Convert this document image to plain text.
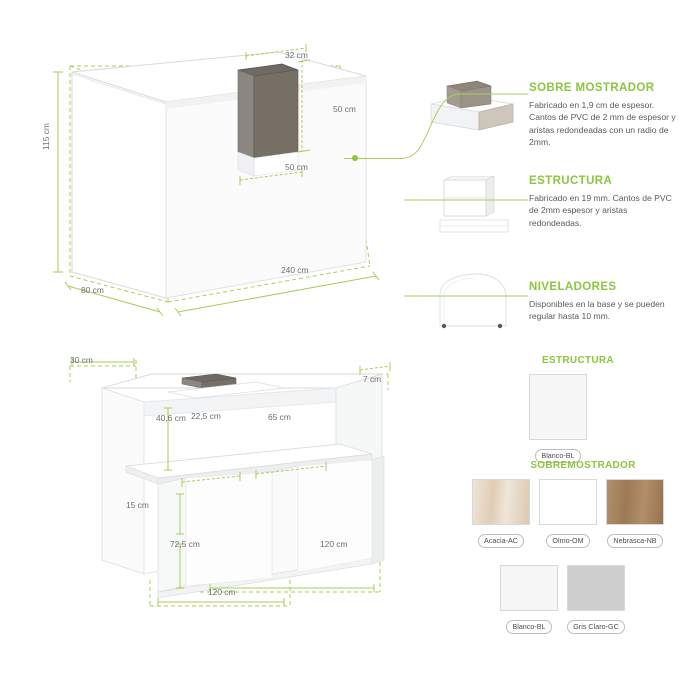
115 cm
80 cm
240 cm
32 cm
50 cm
50 cm
SOBRE MOSTRADOR
Fabricado en 1,9 cm de espesor. Cantos de PVC de 2 mm de espesor y aristas redondeadas con un radio de 2mm.
ESTRUCTURA
Fabricado en 19 mm. Cantos de PVC de 2mm espesor y aristas redondeadas.
NIVELADORES
Disponibles en la base y se pueden regular hasta 10 mm.
30 cm
7 cm
40,6 cm 22,5 cm	65 cm
15 cm
72,5 cm
120 cm
120 cm
ESTRUCTURA
Blanco-BL
SOBREMOSTRADOR
Acacia-AC	Olmo-OM	Nebrasca-NB
Blanco-BL	Gris Claro-GC
